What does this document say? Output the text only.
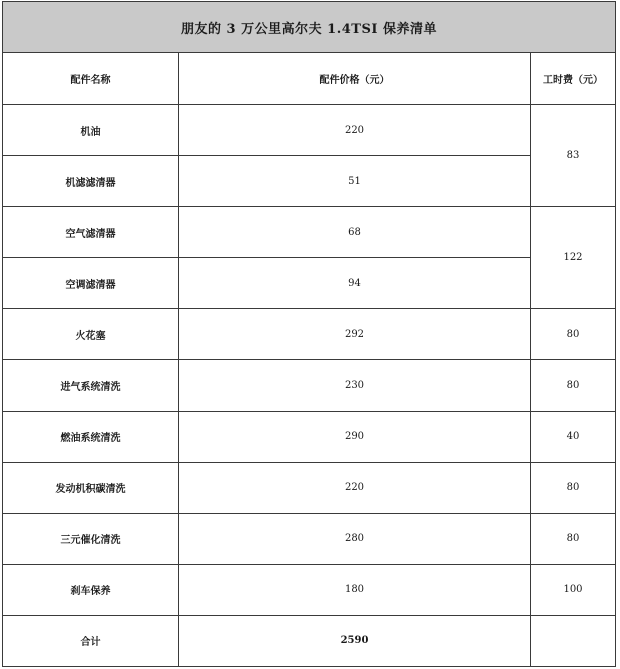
朋友的 3 万公里高尔夫 1.4TSI 保养清单		
配件名称	配件价格（元）	工时费（元）
机油	220	83
机滤滤清器	51	
空气滤清器	68	122
空调滤清器	94	
火花塞	292	80
进气系统清洗	230	80
燃油系统清洗	290	40
发动机积碳清洗	220	80
三元催化清洗	280	80
刹车保养	180	100
合计	2590	
